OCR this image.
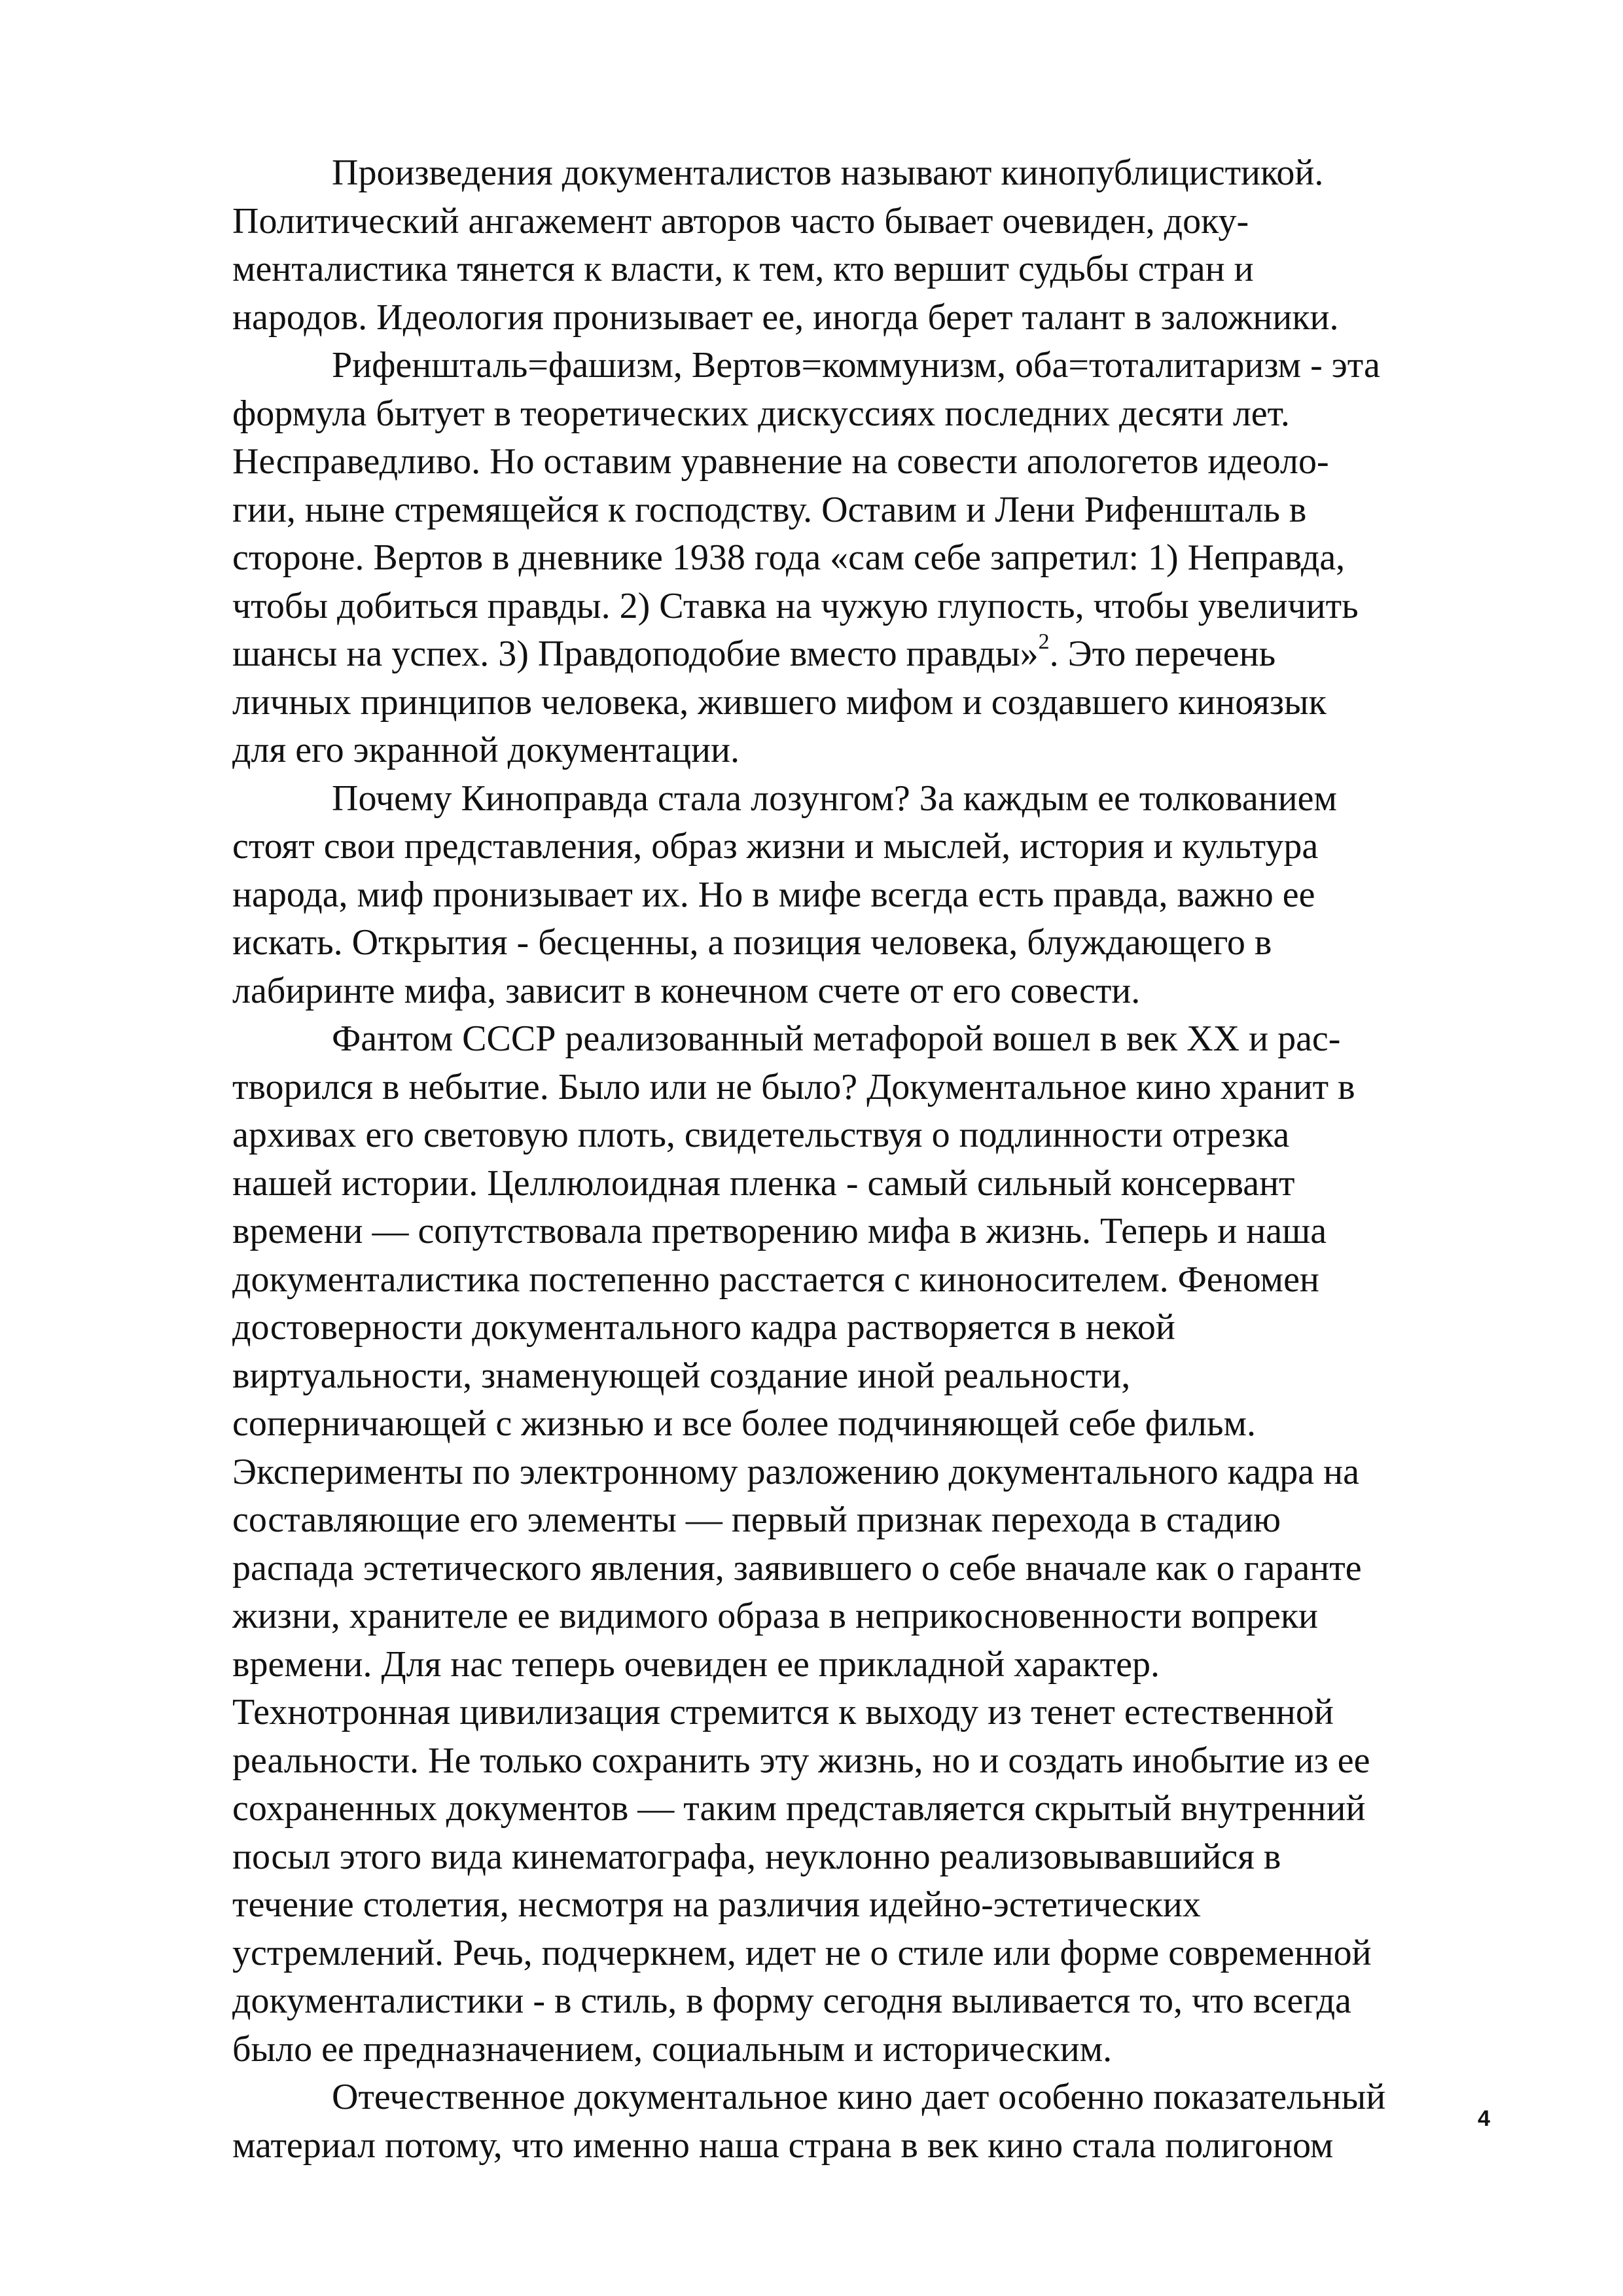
Произведения документалистов называют кинопублицистикой.
Политический ангажемент авторов часто бывает очевиден, доку-
менталистика тянется к власти, к тем, кто вершит судьбы стран и
народов. Идеология пронизывает ее, иногда берет талант в заложники.
Рифеншталь=фашизм, Вертов=коммунизм, оба=тоталитаризм - эта
формула бытует в теоретических дискуссиях последних десяти лет.
Несправедливо. Но оставим уравнение на совести апологетов идеоло-
гии, ныне стремящейся к господству. Оставим и Лени Рифеншталь в
стороне. Вертов в дневнике 1938 года «сам себе запретил: 1) Неправда,
чтобы добиться правды. 2) Ставка на чужую глупость, чтобы увеличить
шансы на успех. 3) Правдоподобие вместо правды»$^2$. Это перечень
личных принципов человека, жившего мифом и создавшего киноязык
для его экранной документации.
Почему Киноправда стала лозунгом? За каждым ее толкованием
стоят свои представления, образ жизни и мыслей, история и культура
народа, миф пронизывает их. Но в мифе всегда есть правда, важно ее
искать. Открытия - бесценны, а позиция человека, блуждающего в
лабиринте мифа, зависит в конечном счете от его совести.
Фантом СССР реализованный метафорой вошел в век XX и рас-
творился в небытие. Было или не было? Документальное кино хранит в
архивах его световую плоть, свидетельствуя о подлинности отрезка
нашей истории. Целлюлоидная пленка - самый сильный консервант
времени — сопутствовала претворению мифа в жизнь. Теперь и наша
документалистика постепенно расстается с киноносителем. Феномен
достоверности документального кадра растворяется в некой
виртуальности, знаменующей создание иной реальности,
соперничающей с жизнью и все более подчиняющей себе фильм.
Эксперименты по электронному разложению документального кадра на
составляющие его элементы — первый признак перехода в стадию
распада эстетического явления, заявившего о себе вначале как о гаранте
жизни, хранителе ее видимого образа в неприкосновенности вопреки
времени. Для нас теперь очевиден ее прикладной характер.
Технотронная цивилизация стремится к выходу из тенет естественной
реальности. Не только сохранить эту жизнь, но и создать инобытие из ее
сохраненных документов — таким представляется скрытый внутренний
посыл этого вида кинематографа, неуклонно реализовывавшийся в
течение столетия, несмотря на различия идейно-эстетических
устремлений. Речь, подчеркнем, идет не о стиле или форме современной
документалистики - в стиль, в форму сегодня выливается то, что всегда
было ее предназначением, социальным и историческим.
Отечественное документальное кино дает особенно показательный
материал потому, что именно наша страна в век кино стала полигоном
4
